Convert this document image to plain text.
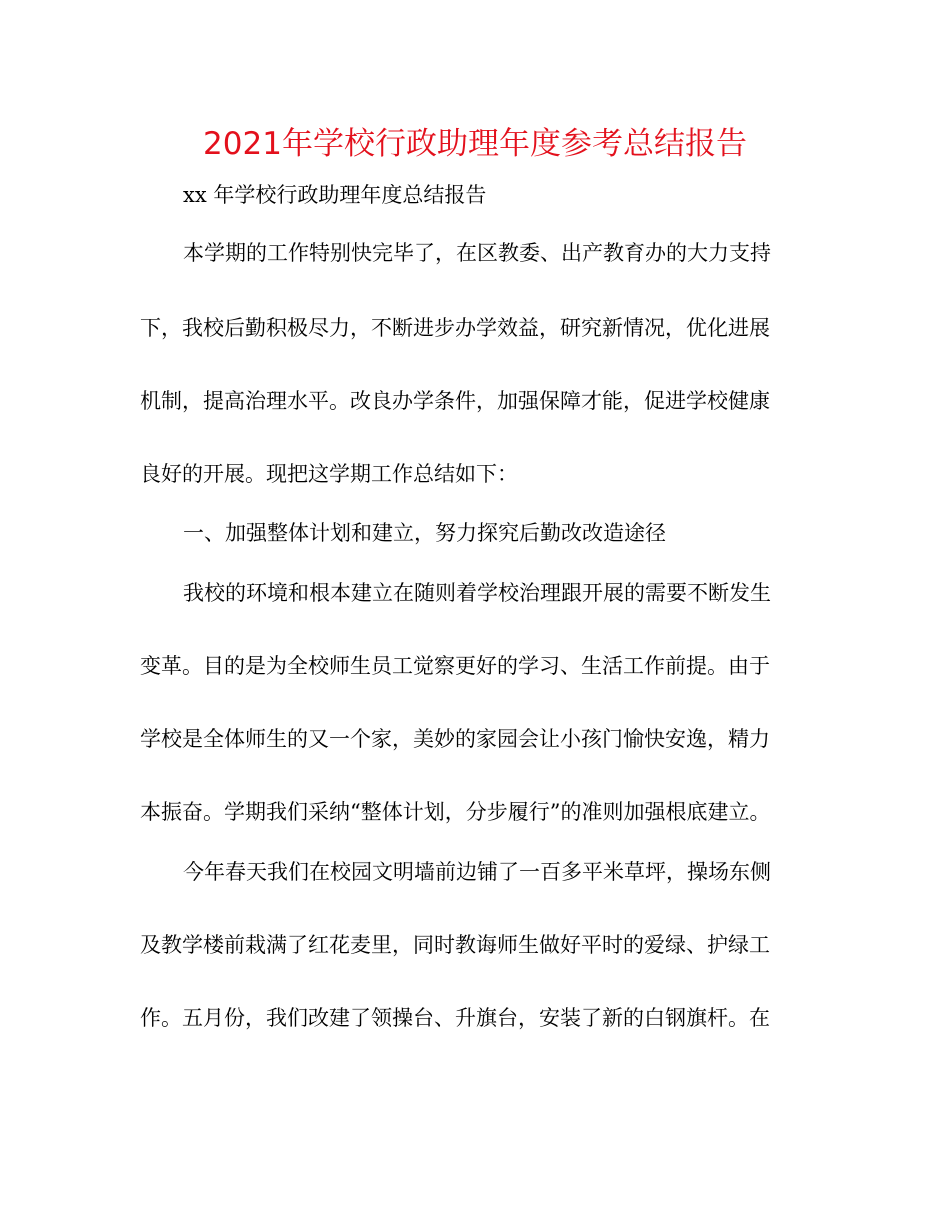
2021年学校行政助理年度参考总结报告
xx 年学校行政助理年度总结报告
本学期的工作特别快完毕了，在区教委、出产教育办的大力支持
下，我校后勤积极尽力，不断进步办学效益，研究新情况，优化进展
机制，提高治理水平。改良办学条件，加强保障才能，促进学校健康
良好的开展。现把这学期工作总结如下：
一、加强整体计划和建立，努力探究后勤改改造途径
我校的环境和根本建立在随则着学校治理跟开展的需要不断发生
变革。目的是为全校师生员工觉察更好的学习、生活工作前提。由于
学校是全体师生的又一个家，美妙的家园会让小孩门愉快安逸，精力
本振奋。学期我们采纳“整体计划，分步履行”的准则加强根底建立。
今年春天我们在校园文明墙前边铺了一百多平米草坪，操场东侧
及教学楼前栽满了红花麦里，同时教诲师生做好平时的爱绿、护绿工
作。五月份，我们改建了领操台、升旗台，安装了新的白钢旗杆。在
